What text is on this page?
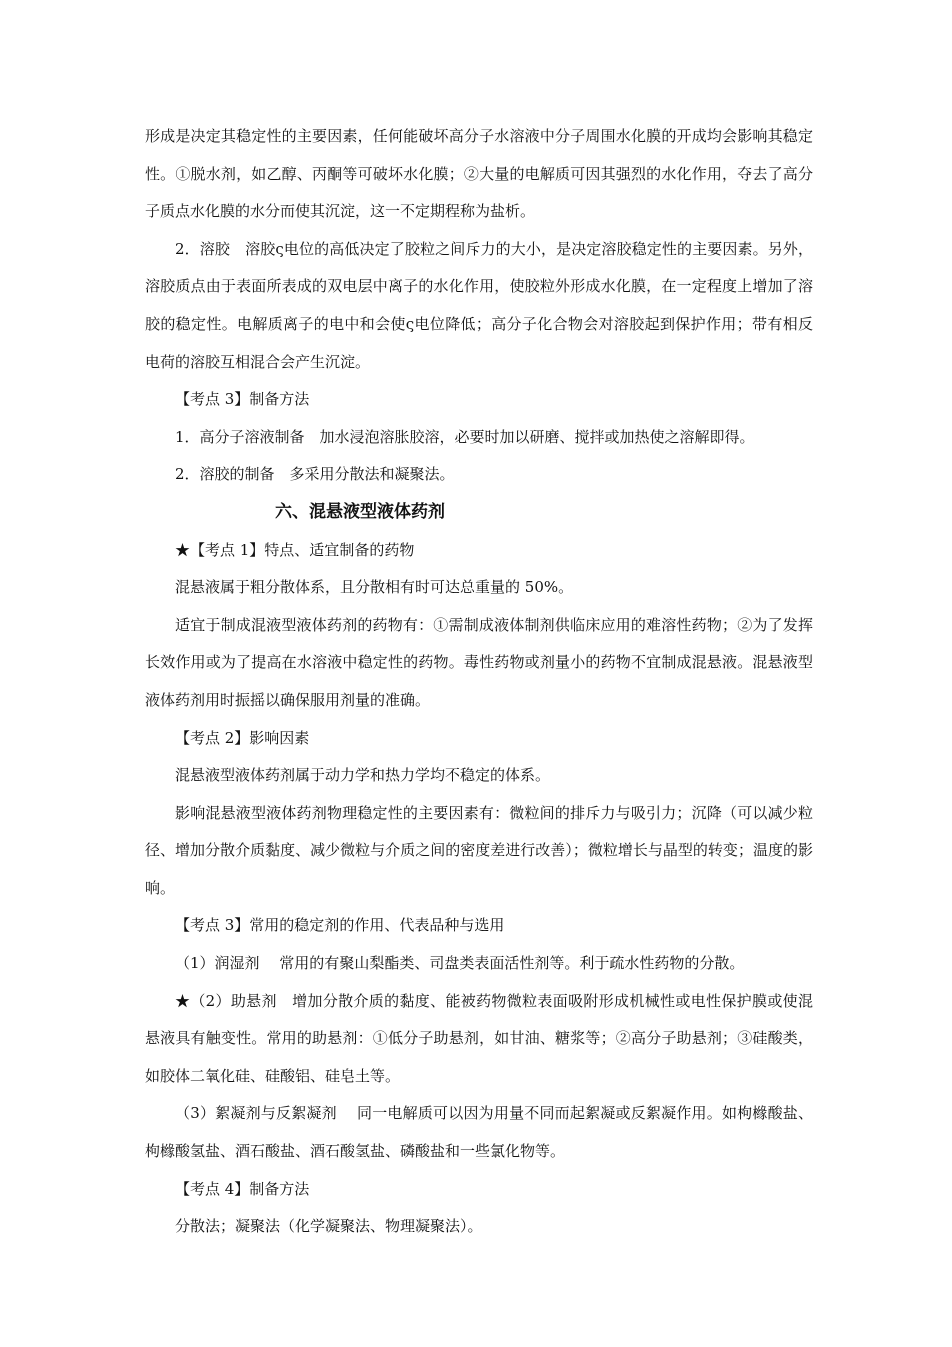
形成是决定其稳定性的主要因素，任何能破坏高分子水溶液中分子周围水化膜的开成均会影响其稳定性。①脱水剂，如乙醇、丙酮等可破坏水化膜；②大量的电解质可因其强烈的水化作用，夺去了高分子质点水化膜的水分而使其沉淀，这一不定期程称为盐析。

2．溶胶　溶胶ς电位的高低决定了胶粒之间斥力的大小，是决定溶胶稳定性的主要因素。另外，溶胶质点由于表面所表成的双电层中离子的水化作用，使胶粒外形成水化膜，在一定程度上增加了溶胶的稳定性。电解质离子的电中和会使ς电位降低；高分子化合物会对溶胶起到保护作用；带有相反电荷的溶胶互相混合会产生沉淀。

【考点 3】制备方法

1．高分子溶液制备　加水浸泡溶胀胶溶，必要时加以研磨、搅拌或加热使之溶解即得。

2．溶胶的制备　多采用分散法和凝聚法。

六、混悬液型液体药剂

★【考点 1】特点、适宜制备的药物

混悬液属于粗分散体系，且分散相有时可达总重量的 50%。

适宜于制成混液型液体药剂的药物有：①需制成液体制剂供临床应用的难溶性药物；②为了发挥长效作用或为了提高在水溶液中稳定性的药物。毒性药物或剂量小的药物不宜制成混悬液。混悬液型液体药剂用时振摇以确保服用剂量的准确。

【考点 2】影响因素

混悬液型液体药剂属于动力学和热力学均不稳定的体系。

影响混悬液型液体药剂物理稳定性的主要因素有：微粒间的排斥力与吸引力；沉降（可以减少粒径、增加分散介质黏度、减少微粒与介质之间的密度差进行改善）；微粒增长与晶型的转变；温度的影响。

【考点 3】常用的稳定剂的作用、代表品种与选用

（1）润湿剂　 常用的有聚山梨酯类、司盘类表面活性剂等。利于疏水性药物的分散。

★（2）助悬剂　增加分散介质的黏度、能被药物微粒表面吸附形成机械性或电性保护膜或使混悬液具有触变性。常用的助悬剂：①低分子助悬剂，如甘油、糖浆等；②高分子助悬剂；③硅酸类，如胶体二氧化硅、硅酸铝、硅皂土等。

（3）絮凝剂与反絮凝剂　 同一电解质可以因为用量不同而起絮凝或反絮凝作用。如枸橼酸盐、枸橼酸氢盐、酒石酸盐、酒石酸氢盐、磷酸盐和一些氯化物等。

【考点 4】制备方法

分散法；凝聚法（化学凝聚法、物理凝聚法）。
